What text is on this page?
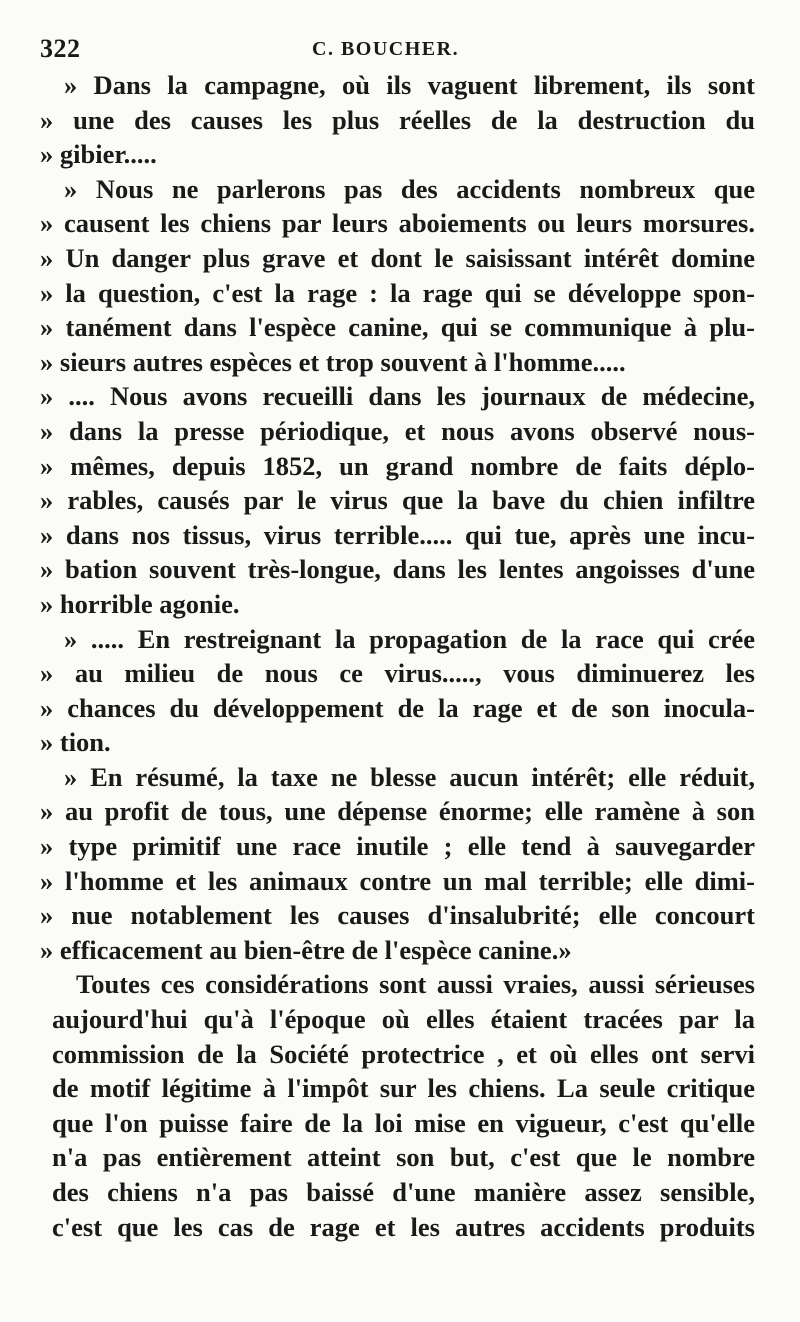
322	C. BOUCHER.
» Dans la campagne, où ils vaguent librement, ils sont
» une des causes les plus réelles de la destruction du
» gibier.....
» Nous ne parlerons pas des accidents nombreux que
» causent les chiens par leurs aboiements ou leurs morsures.
» Un danger plus grave et dont le saisissant intérêt domine
» la question, c'est la rage : la rage qui se développe spon-
» tanément dans l'espèce canine, qui se communique à plu-
» sieurs autres espèces et trop souvent à l'homme.....
» .... Nous avons recueilli dans les journaux de médecine,
» dans la presse périodique, et nous avons observé nous-
» mêmes, depuis 1852, un grand nombre de faits déplo-
» rables, causés par le virus que la bave du chien infiltre
» dans nos tissus, virus terrible..... qui tue, après une incu-
» bation souvent très-longue, dans les lentes angoisses d'une
» horrible agonie.
» ..... En restreignant la propagation de la race qui crée
» au milieu de nous ce virus....., vous diminuerez les
» chances du développement de la rage et de son inocula-
» tion.
» En résumé, la taxe ne blesse aucun intérêt; elle réduit,
» au profit de tous, une dépense énorme; elle ramène à son
» type primitif une race inutile ; elle tend à sauvegarder
» l'homme et les animaux contre un mal terrible; elle dimi-
» nue notablement les causes d'insalubrité; elle concourt
» efficacement au bien-être de l'espèce canine.»
Toutes ces considérations sont aussi vraies, aussi sérieuses
aujourd'hui qu'à l'époque où elles étaient tracées par la
commission de la Société protectrice , et où elles ont servi
de motif légitime à l'impôt sur les chiens. La seule critique
que l'on puisse faire de la loi mise en vigueur, c'est qu'elle
n'a pas entièrement atteint son but, c'est que le nombre
des chiens n'a pas baissé d'une manière assez sensible,
c'est que les cas de rage et les autres accidents produits
